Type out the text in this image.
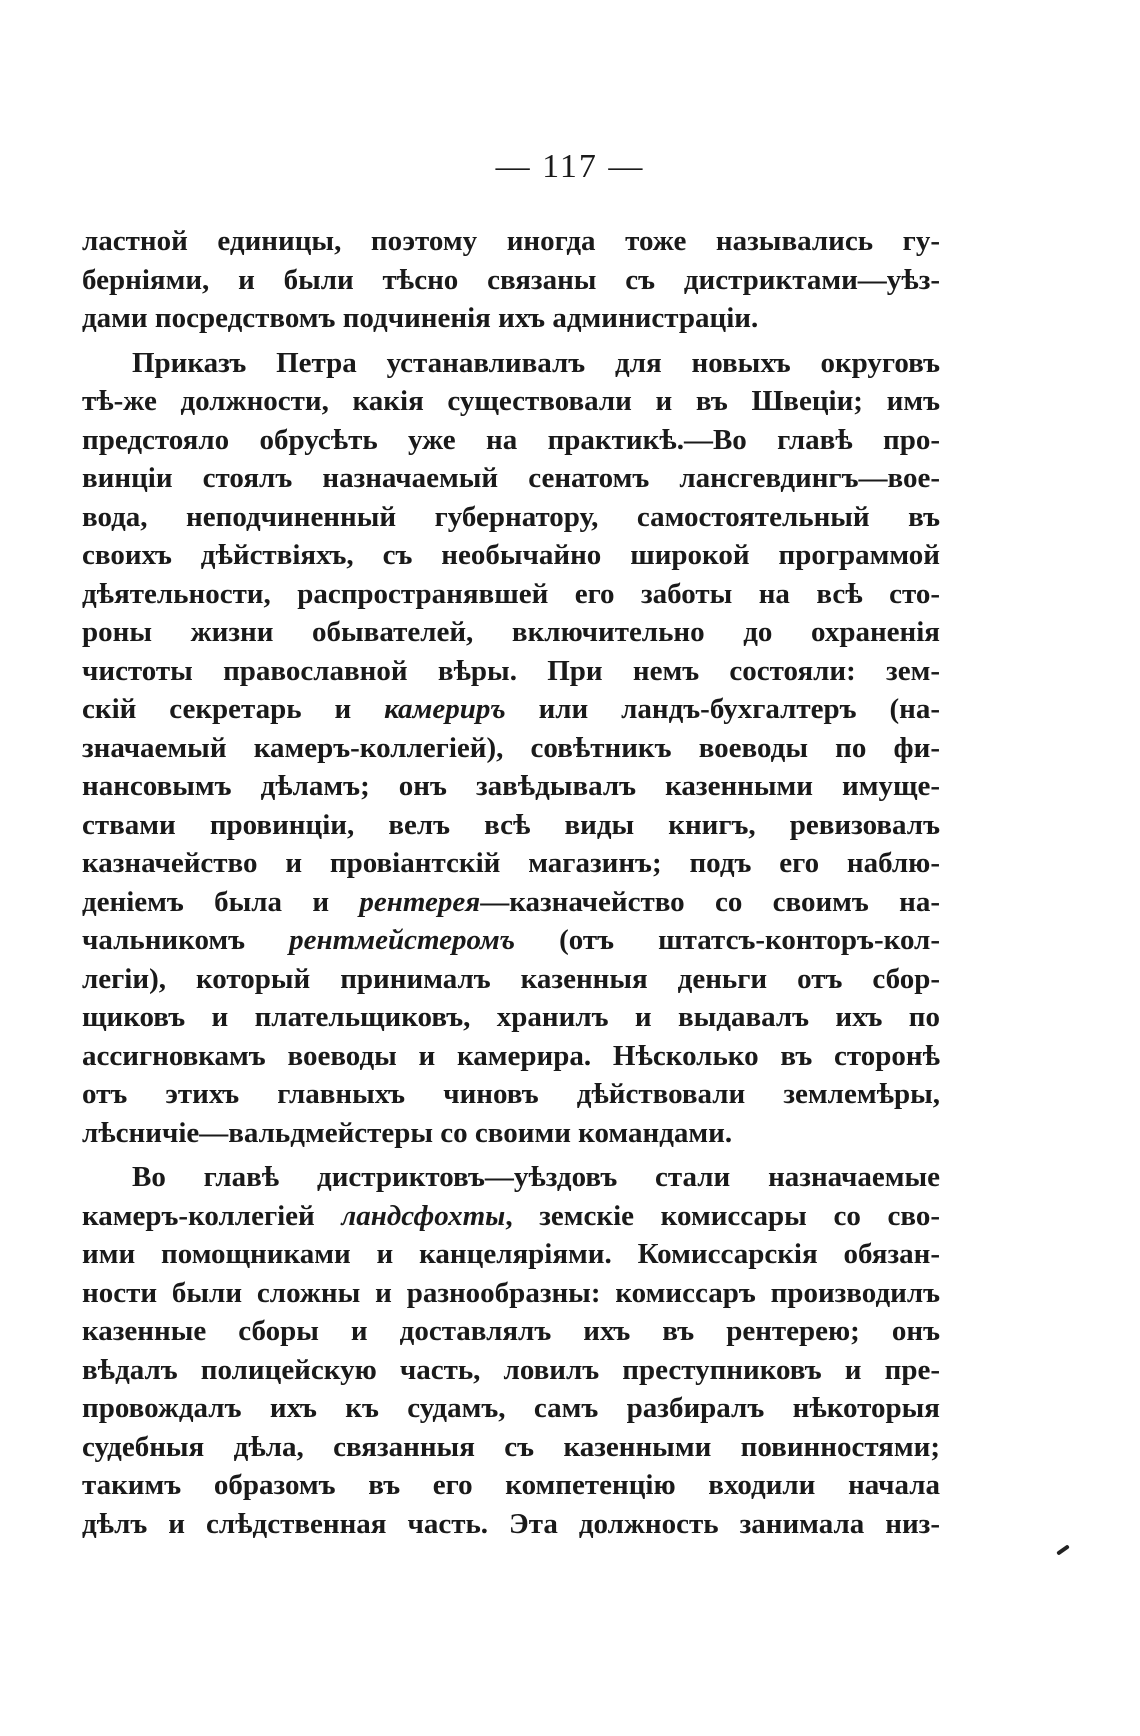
— 117 —
ластной единицы, поэтому иногда тоже назывались гу-
берніями, и были тѣсно связаны съ дистриктами—уѣз-
дами посредствомъ подчиненія ихъ администраціи.
Приказъ Петра устанавливалъ для новыхъ округовъ
тѣ-же должности, какія существовали и въ Швеціи; имъ
предстояло обрусѣть уже на практикѣ.—Во главѣ про-
винціи стоялъ назначаемый сенатомъ лансгевдингъ—вое-
вода, неподчиненный губернатору, самостоятельный въ
своихъ дѣйствіяхъ, съ необычайно широкой программой
дѣятельности, распространявшей его заботы на всѣ сто-
роны жизни обывателей, включительно до охраненія
чистоты православной вѣры. При немъ состояли: зем-
скій секретарь и камериръ или ландъ-бухгалтеръ (на-
значаемый камеръ-коллегіей), совѣтникъ воеводы по фи-
нансовымъ дѣламъ; онъ завѣдывалъ казенными имуще-
ствами провинціи, велъ всѣ виды книгъ, ревизовалъ
казначейство и провіантскій магазинъ; подъ его наблю-
деніемъ была и рентерея—казначейство со своимъ на-
чальникомъ рентмейстеромъ (отъ штатсъ-конторъ-кол-
легіи), который принималъ казенныя деньги отъ сбор-
щиковъ и плательщиковъ, хранилъ и выдавалъ ихъ по
ассигновкамъ воеводы и камерира. Нѣсколько въ сторонѣ
отъ этихъ главныхъ чиновъ дѣйствовали землемѣры,
лѣсничіе—вальдмейстеры со своими командами.
Во главѣ дистриктовъ—уѣздовъ стали назначаемые
камеръ-коллегіей ландсфохты, земскіе комиссары со сво-
ими помощниками и канцеляріями. Комиссарскія обязан-
ности были сложны и разнообразны: комиссаръ производилъ
казенные сборы и доставлялъ ихъ въ рентерею; онъ
вѣдалъ полицейскую часть, ловилъ преступниковъ и пре-
провождалъ ихъ къ судамъ, самъ разбиралъ нѣкоторыя
судебныя дѣла, связанныя съ казенными повинностями;
такимъ образомъ въ его компетенцію входили начала
дѣлъ и слѣдственная часть. Эта должность занимала низ-
